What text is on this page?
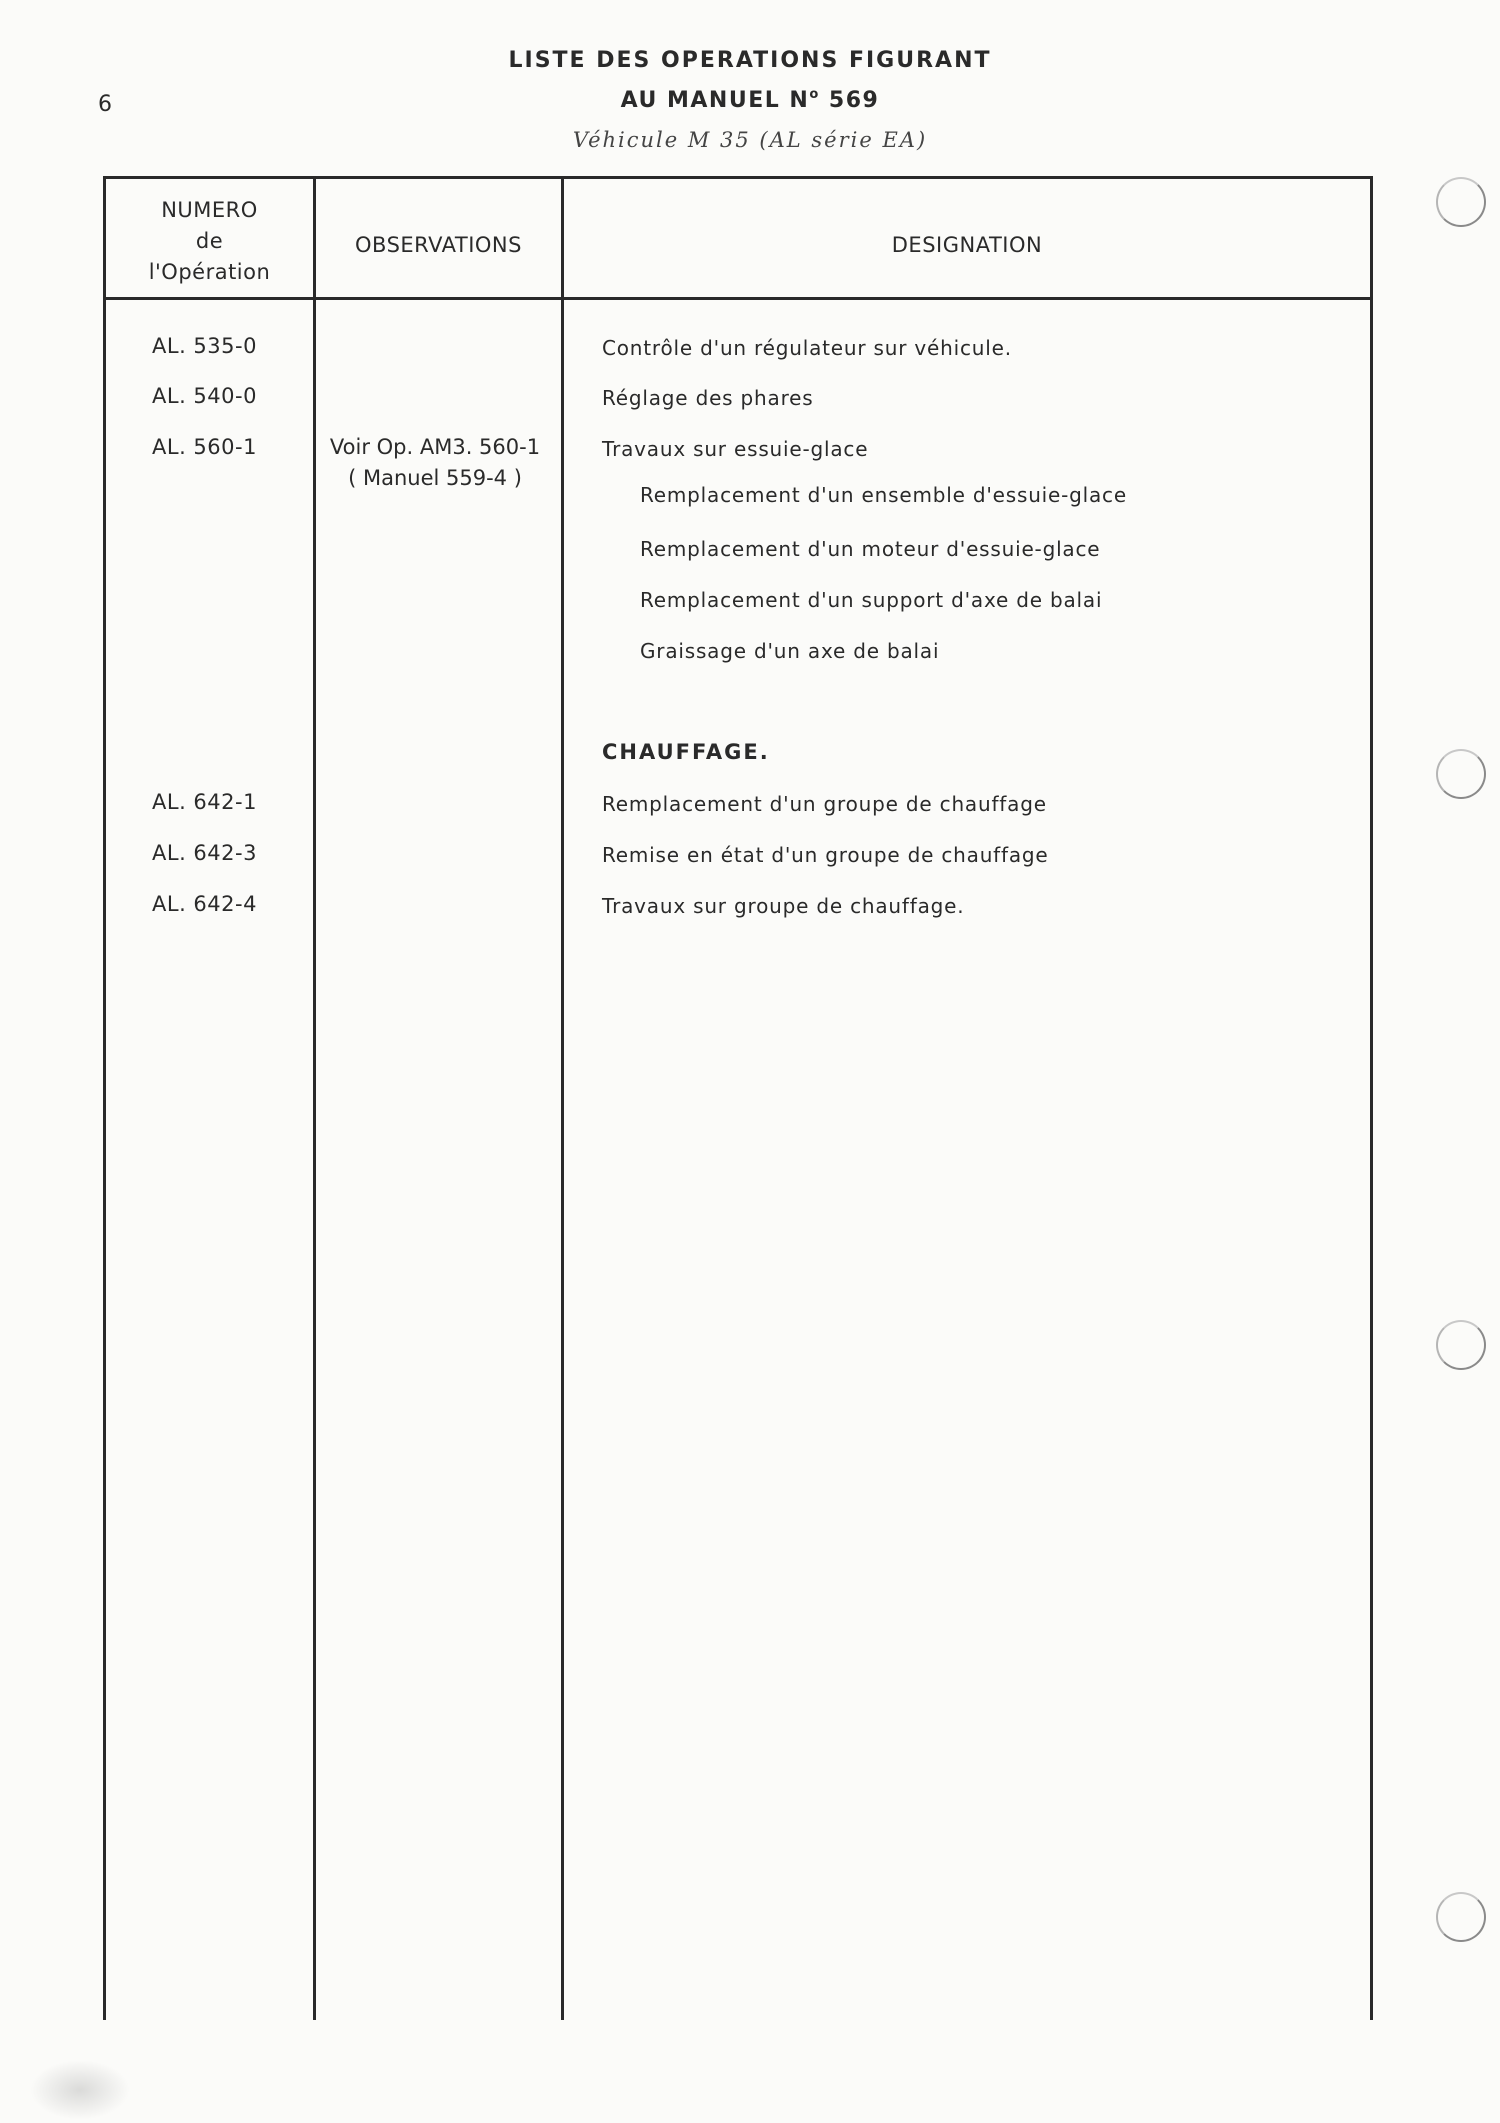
6
LISTE DES OPERATIONS FIGURANT
AU MANUEL $N^o$ 569
Véhicule M 35 (AL série EA)
NUMERO
de
l'Opération
OBSERVATIONS	DESIGNATION
AL. 535-0
AL. 540-0
AL. 560-1
AL. 642-1
AL. 642-3
AL. 642-4
Voir Op. AM3. 560-1
( Manuel 559-4 )
Contrôle d'un régulateur sur véhicule.
Réglage des phares
Travaux sur essuie-glace
Remplacement d'un ensemble d'essuie-glace
Remplacement d'un moteur d'essuie-glace
Remplacement d'un support d'axe de balai
Graissage d'un axe de balai
CHAUFFAGE.
Remplacement d'un groupe de chauffage
Remise en état d'un groupe de chauffage
Travaux sur groupe de chauffage.
